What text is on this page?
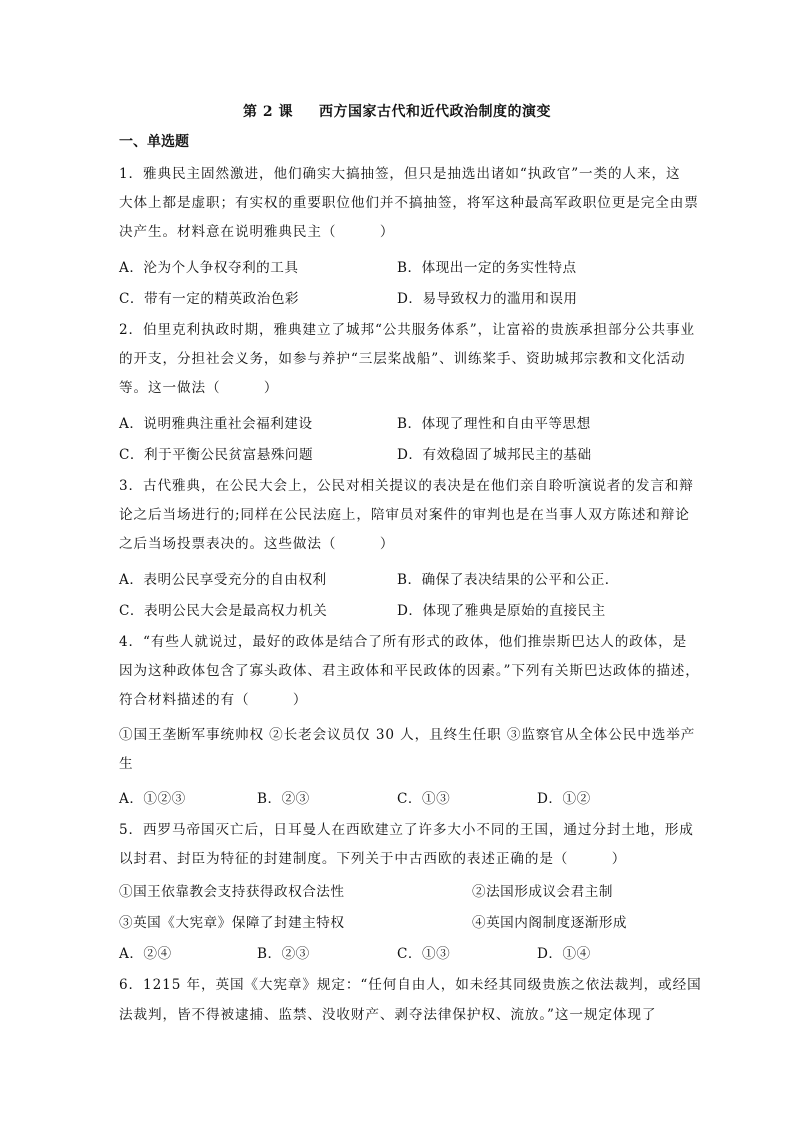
第 2 课 西方国家古代和近代政治制度的演变
一、单选题
1．雅典民主固然激进，他们确实大搞抽签，但只是抽选出诸如“执政官”一类的人来，这
大体上都是虚职；有实权的重要职位他们并不搞抽签，将军这种最高军政职位更是完全由票
决产生。材料意在说明雅典民主（　　　）
A．沦为个人争权夺利的工具	B．体现出一定的务实性特点
C．带有一定的精英政治色彩	D．易导致权力的滥用和误用
2．伯里克利执政时期，雅典建立了城邦“公共服务体系”，让富裕的贵族承担部分公共事业
的开支，分担社会义务，如参与养护“三层桨战船”、训练桨手、资助城邦宗教和文化活动
等。这一做法（　　　）
A．说明雅典注重社会福利建设	B．体现了理性和自由平等思想
C．利于平衡公民贫富悬殊问题	D．有效稳固了城邦民主的基础
3．古代雅典，在公民大会上，公民对相关提议的表决是在他们亲自聆听演说者的发言和辩
论之后当场进行的;同样在公民法庭上，陪审员对案件的审判也是在当事人双方陈述和辩论
之后当场投票表决的。这些做法（　　　）
A．表明公民享受充分的自由权利	B．确保了表决结果的公平和公正．
C．表明公民大会是最高权力机关	D．体现了雅典是原始的直接民主
4．“有些人就说过，最好的政体是结合了所有形式的政体，他们推崇斯巴达人的政体，是
因为这种政体包含了寡头政体、君主政体和平民政体的因素。”下列有关斯巴达政体的描述，
符合材料描述的有（　　　）
①国王垄断军事统帅权 ②长老会议员仅 30 人，且终生任职 ③监察官从全体公民中选举产
生
A．①②③	B．②③	C．①③	D．①②
5．西罗马帝国灭亡后，日耳曼人在西欧建立了许多大小不同的王国，通过分封土地，形成
以封君、封臣为特征的封建制度。下列关于中古西欧的表述正确的是（　　　）
①国王依靠教会支持获得政权合法性	②法国形成议会君主制
③英国《大宪章》保障了封建主特权	④英国内阁制度逐渐形成
A．②④	B．②③	C．①③	D．①④
6．1215 年，英国《大宪章》规定：“任何自由人，如未经其同级贵族之依法裁判，或经国
法裁判，皆不得被逮捕、监禁、没收财产、剥夺法律保护权、流放。”这一规定体现了
